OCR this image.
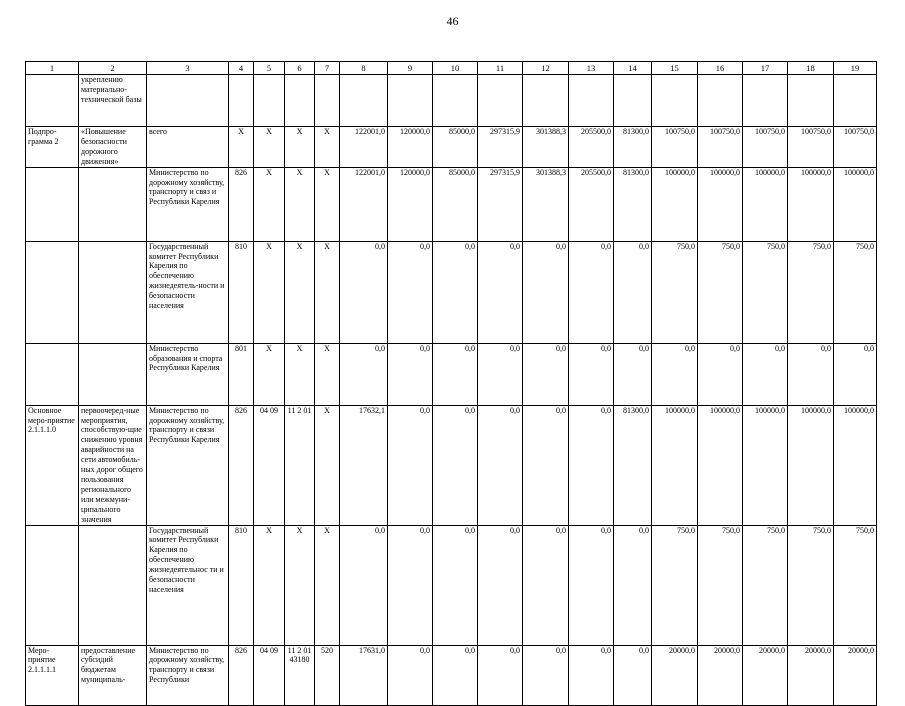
46
1	2	3	4	5	6	7	8	9	10	11	12	13	14	15	16	17	18	19
	укреплению материально-технической базы																	
Подпро-грамма 2	«Повышение безопасности дорожного движения»	всего	X	X	X	X	122001,0	120000,0	85000,0	297315,9	301388,3	205500,0	81300,0	100750,0	100750,0	100750,0	100750,0	100750,0
		Министерство по дорожному хозяйству, транспорту и связ и Республики Карелия	826	X	X	X	122001,0	120000,0	85000,0	297315,9	301388,3	205500,0	81300,0	100000,0	100000,0	100000,0	100000,0	100000,0
		Государственный комитет Республики Карелия по обеспечению жизнедеятель-ности и безопасности населения	810	X	X	X	0,0	0,0	0,0	0,0	0,0	0,0	0,0	750,0	750,0	750,0	750,0	750,0
		Министерство образования и спорта Республики Карелия	801	X	X	X	0,0	0,0	0,0	0,0	0,0	0,0	0,0	0,0	0,0	0,0	0,0	0,0
Основное меро-приятие 2.1.1.1.0	первоочеред-ные мероприятия, способствую-щие снижению уровня аварийности на сети автомобиль-ных дорог общего пользования регионального или межмуни-ципального значения	Министерство по дорожному хозяйству, транспорту и связи Республики Карелия	826	04 09	11 2 01	X	17632,1	0,0	0,0	0,0	0,0	0,0	81300,0	100000,0	100000,0	100000,0	100000,0	100000,0
		Государственный комитет Республики Карелия по обеспечению жизнедеятельнос ти и безопасности населения	810	X	X	X	0,0	0,0	0,0	0,0	0,0	0,0	0,0	750,0	750,0	750,0	750,0	750,0
Меро-приятие 2.1.1.1.1	предоставление субсидий бюджетам муниципаль-	Министерство по дорожному хозяйству, транспорту и связи Республики	826	04 09	11 2 01 43180	520	17631,0	0,0	0,0	0,0	0,0	0,0	0,0	20000,0	20000,0	20000,0	20000,0	20000,0
